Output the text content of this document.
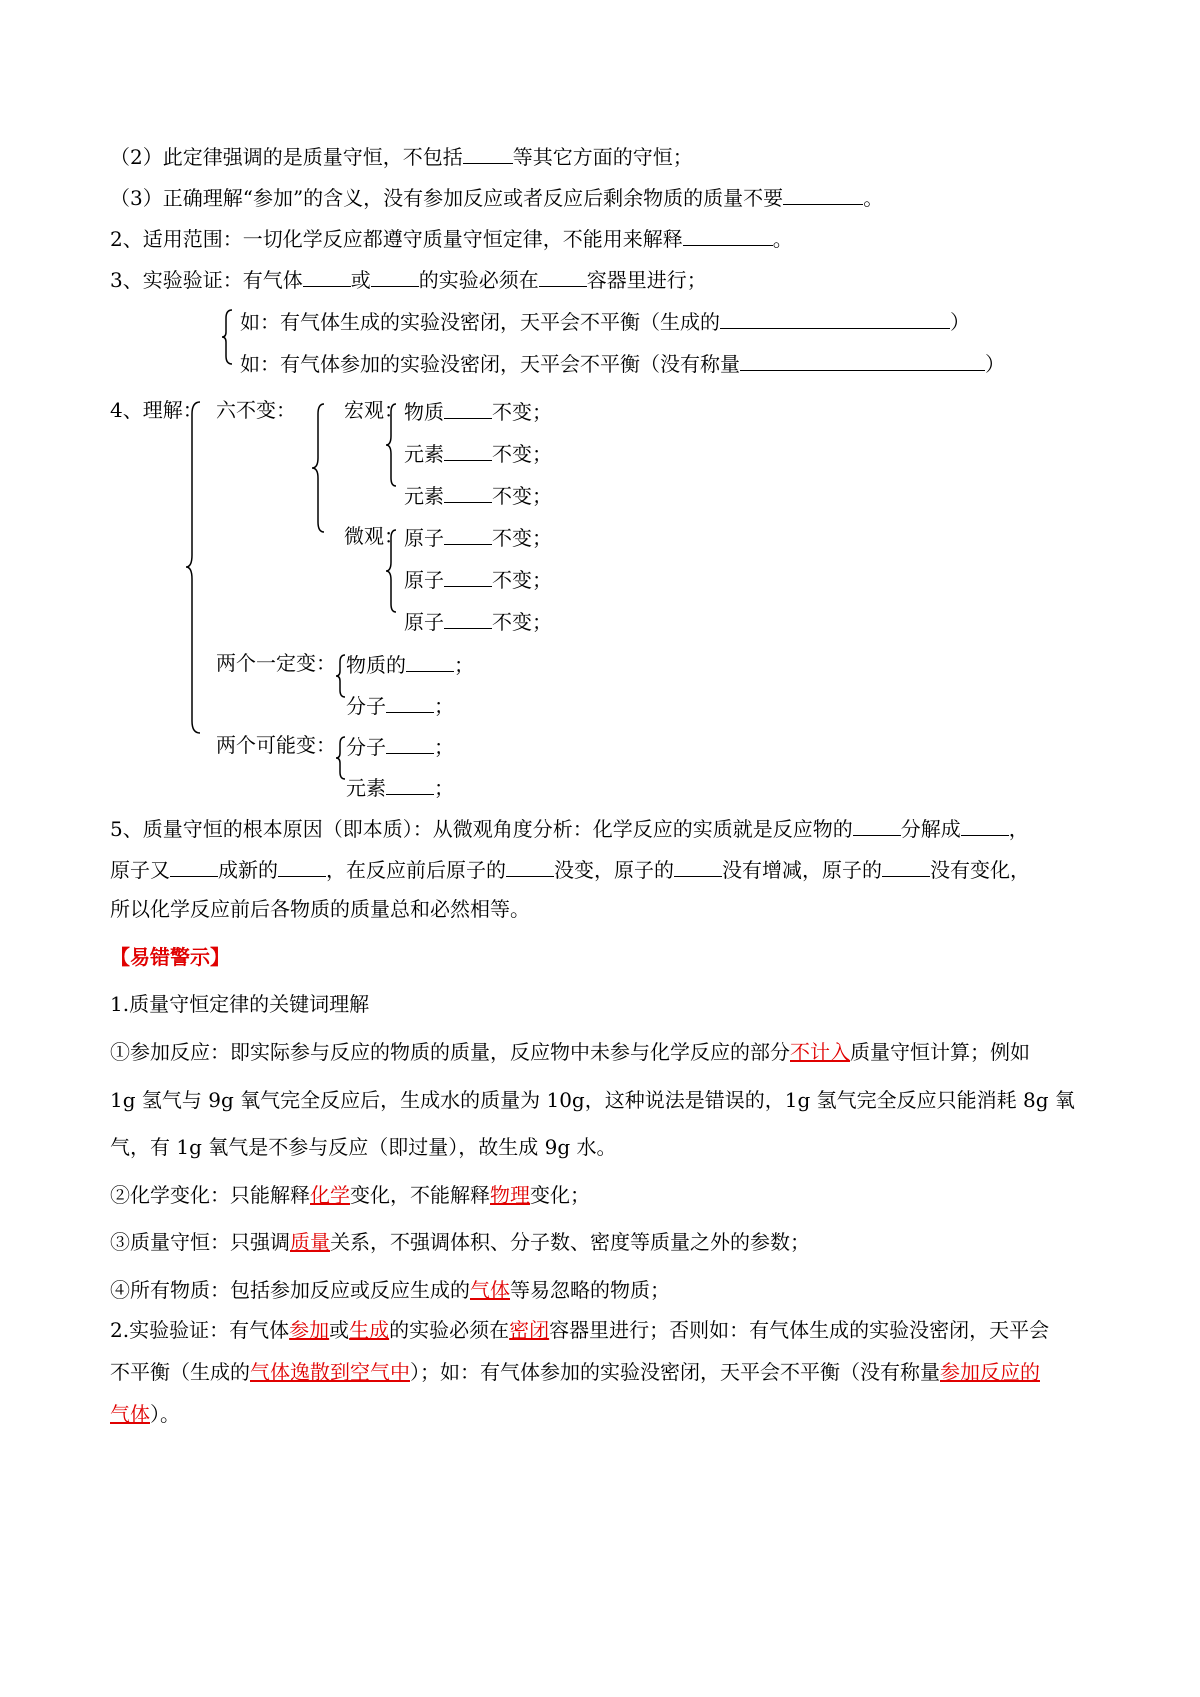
（2）此定律强调的是质量守恒，不包括	等其它方面的守恒；
（3）正确理解“参加”的含义，没有参加反应或者反应后剩余物质的质量不要	。
2、适用范围：一切化学反应都遵守质量守恒定律，不能用来解释	。
3、实验验证：有气体 或 的实验必须在 容器里进行；
如：有气体生成的实验没密闭，天平会不平衡（生成的	）
如：有气体参加的实验没密闭，天平会不平衡（没有称量	）
4、理解： 六不变： 宏观： 物质 不变；
元素 不变；
元素 不变；
微观： 原子 不变；
原子 不变；
原子 不变；
两个一定变： 物质的 ；
分子 ；
两个可能变： 分子 ；
元素 ；
5、质量守恒的根本原因（即本质）：从微观角度分析：化学反应的实质就是反应物的 分解成 ，
原子又 成新的 ，在反应前后原子的 没变，原子的 没有增减，原子的 没有变化，
所以化学反应前后各物质的质量总和必然相等。
【易错警示】
1.质量守恒定律的关键词理解
①参加反应：即实际参与反应的物质的质量，反应物中未参与化学反应的部分不计入质量守恒计算；例如
1g 氢气与 9g 氧气完全反应后，生成水的质量为 10g，这种说法是错误的，1g 氢气完全反应只能消耗 8g 氧
气，有 1g 氧气是不参与反应（即过量），故生成 9g 水。
②化学变化：只能解释化学变化，不能解释物理变化；
③质量守恒：只强调质量关系，不强调体积、分子数、密度等质量之外的参数；
④所有物质：包括参加反应或反应生成的气体等易忽略的物质；
2.实验验证：有气体参加或生成的实验必须在密闭容器里进行；否则如：有气体生成的实验没密闭，天平会
不平衡（生成的气体逸散到空气中）；如：有气体参加的实验没密闭，天平会不平衡（没有称量参加反应的
气体）。
